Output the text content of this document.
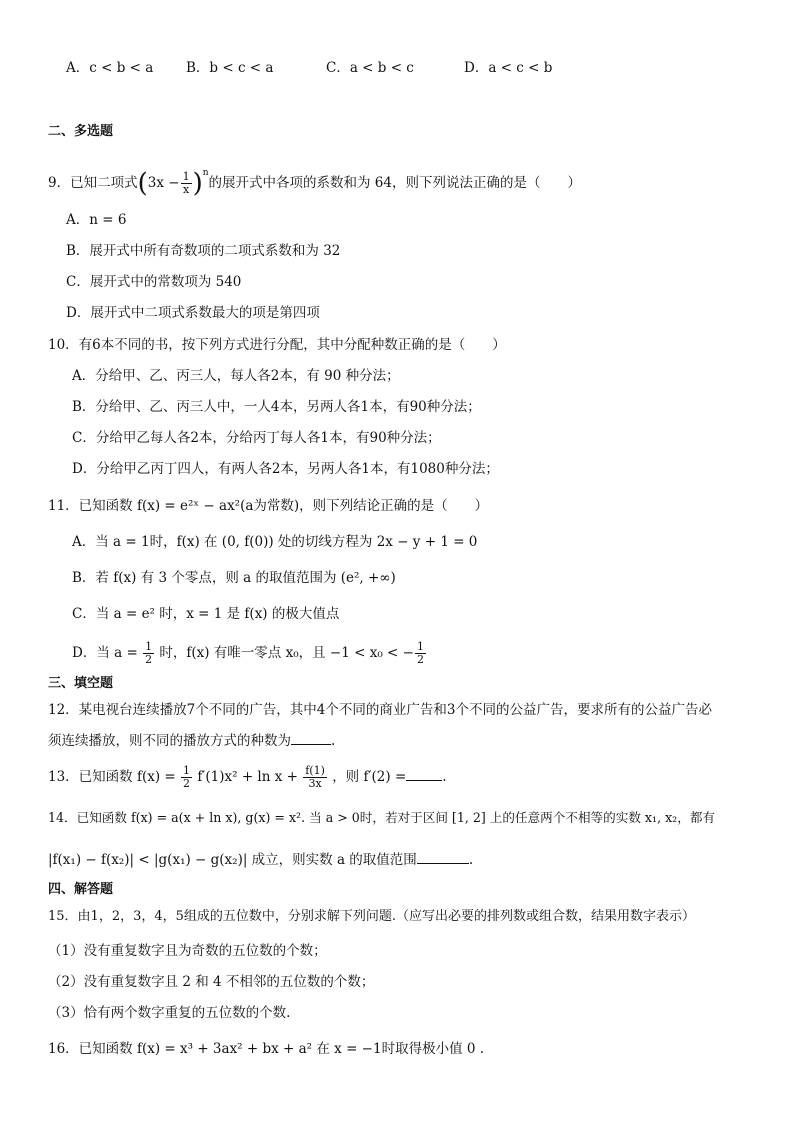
A．c < b < a B．b < c < a	C．a < b < c	D．a < c < b
二、多选题
9．已知二项式$(3x - \frac{1}{x} )^n$的展开式中各项的系数和为 64，则下列说法正确的是（　　）
A．n = 6
B．展开式中所有奇数项的二项式系数和为 32
C．展开式中的常数项为 540
D．展开式中二项式系数最大的项是第四项
10．有6本不同的书，按下列方式进行分配，其中分配种数正确的是（　　）
A．分给甲、乙、丙三人，每人各2本，有 90 种分法；
B．分给甲、乙、丙三人中，一人4本，另两人各1本，有90种分法；
C．分给甲乙每人各2本，分给丙丁每人各1本，有90种分法；
D．分给甲乙丙丁四人，有两人各2本，另两人各1本，有1080种分法；
11．已知函数 f(x) = e²ˣ − ax²(a为常数)，则下列结论正确的是（　　）
A．当 a = 1时，f(x) 在 (0, f(0)) 处的切线方程为 2x − y + 1 = 0
B．若 f(x) 有 3 个零点，则 a 的取值范围为 (e², +∞)
C．当 a = e² 时，x = 1 是 f(x) 的极大值点
D．当 $a = \frac{1}{2}$ 时，f(x) 有唯一零点 x₀，且 −1 < x₀ < − $\frac{1}{2}$
三、填空题
12．某电视台连续播放7个不同的广告，其中4个不同的商业广告和3个不同的公益广告，要求所有的公益广告必
须连续播放，则不同的播放方式的种数为	.
13．已知函数 $f(x) = \frac{1}{2} f'(1)x^2 + \ln x + \frac{f(1)}{3x}$ ，则 f′(2) =	.
14．已知函数 f(x) = a(x + ln x), g(x) = x². 当 a > 0时，若对于区间 [1, 2] 上的任意两个不相等的实数 x₁, x₂，都有
|f(x₁) − f(x₂)| < |g(x₁) − g(x₂)| 成立，则实数 a 的取值范围	.
四、解答题
15．由1，2，3，4，5组成的五位数中，分别求解下列问题.（应写出必要的排列数或组合数，结果用数字表示）
（1）没有重复数字且为奇数的五位数的个数；
（2）没有重复数字且 2 和 4 不相邻的五位数的个数；
（3）恰有两个数字重复的五位数的个数.
16．已知函数 f(x) = x³ + 3ax² + bx + a² 在 x = −1时取得极小值 0 .
